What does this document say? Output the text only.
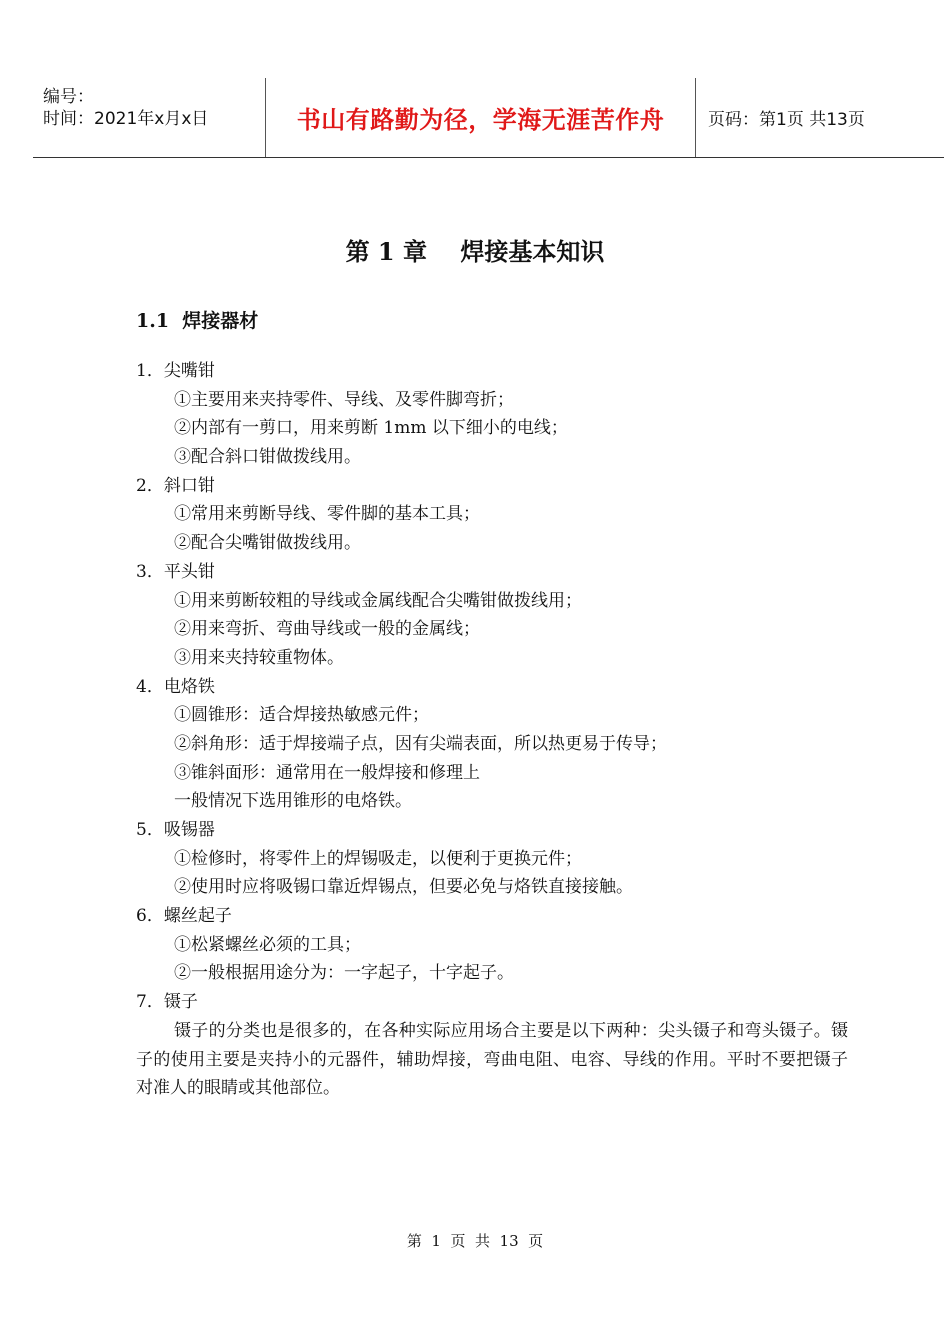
编号：
时间：2021年x月x日	书山有路勤为径，学海无涯苦作舟	页码：第1页 共13页
第 1 章    焊接基本知识
1.1  焊接器材
1．尖嘴钳
①主要用来夹持零件、导线、及零件脚弯折；
②内部有一剪口，用来剪断 1mm 以下细小的电线；
③配合斜口钳做拨线用。
2．斜口钳
①常用来剪断导线、零件脚的基本工具；
②配合尖嘴钳做拨线用。
3．平头钳
①用来剪断较粗的导线或金属线配合尖嘴钳做拨线用；
②用来弯折、弯曲导线或一般的金属线；
③用来夹持较重物体。
4．电烙铁
①圆锥形：适合焊接热敏感元件；
②斜角形：适于焊接端子点，因有尖端表面，所以热更易于传导；
③锥斜面形：通常用在一般焊接和修理上
一般情况下选用锥形的电烙铁。
5．吸锡器
①检修时，将零件上的焊锡吸走，以便利于更换元件；
②使用时应将吸锡口靠近焊锡点，但要必免与烙铁直接接触。
6．螺丝起子
①松紧螺丝必须的工具；
②一般根据用途分为：一字起子，十字起子。
7．镊子
镊子的分类也是很多的，在各种实际应用场合主要是以下两种：尖头镊子和弯头镊子。镊子的使用主要是夹持小的元器件，辅助焊接，弯曲电阻、电容、导线的作用。平时不要把镊子对准人的眼睛或其他部位。
第  1  页  共  13  页
